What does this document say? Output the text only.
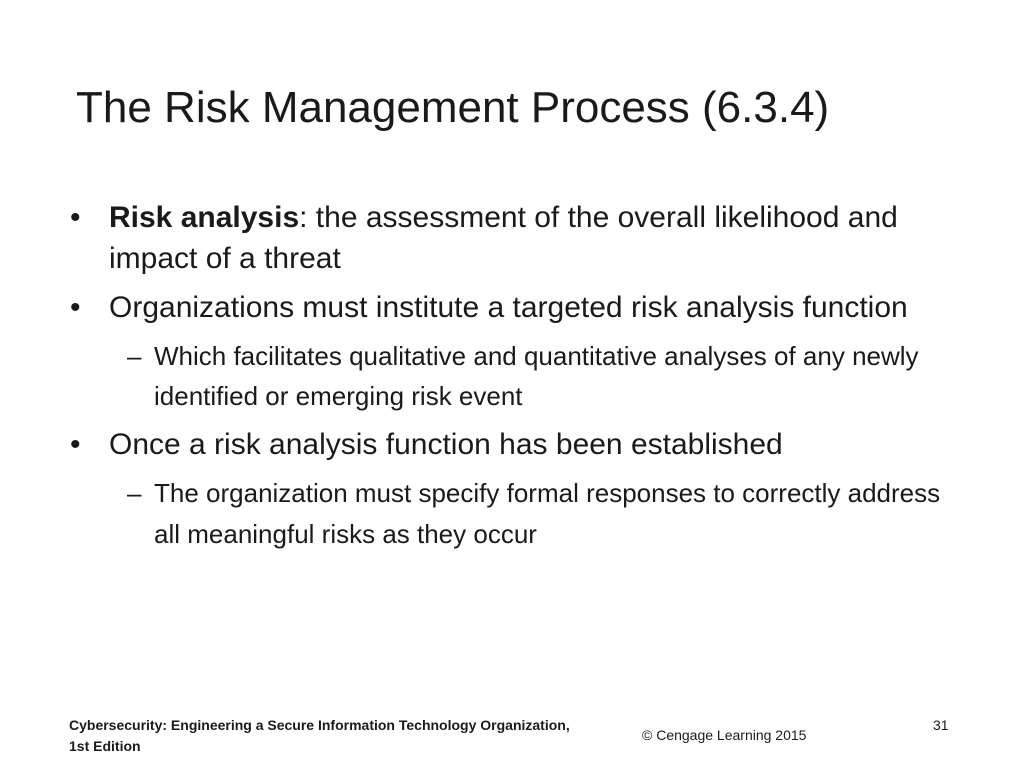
The Risk Management Process (6.3.4)
• Risk analysis: the assessment of the overall likelihood and impact of a threat
• Organizations must institute a targeted risk analysis function
– Which facilitates qualitative and quantitative analyses of any newly identified or emerging risk event
• Once a risk analysis function has been established
– The organization must specify formal responses to correctly address all meaningful risks as they occur
Cybersecurity: Engineering a Secure Information Technology Organization, 1st Edition
© Cengage Learning 2015
31
